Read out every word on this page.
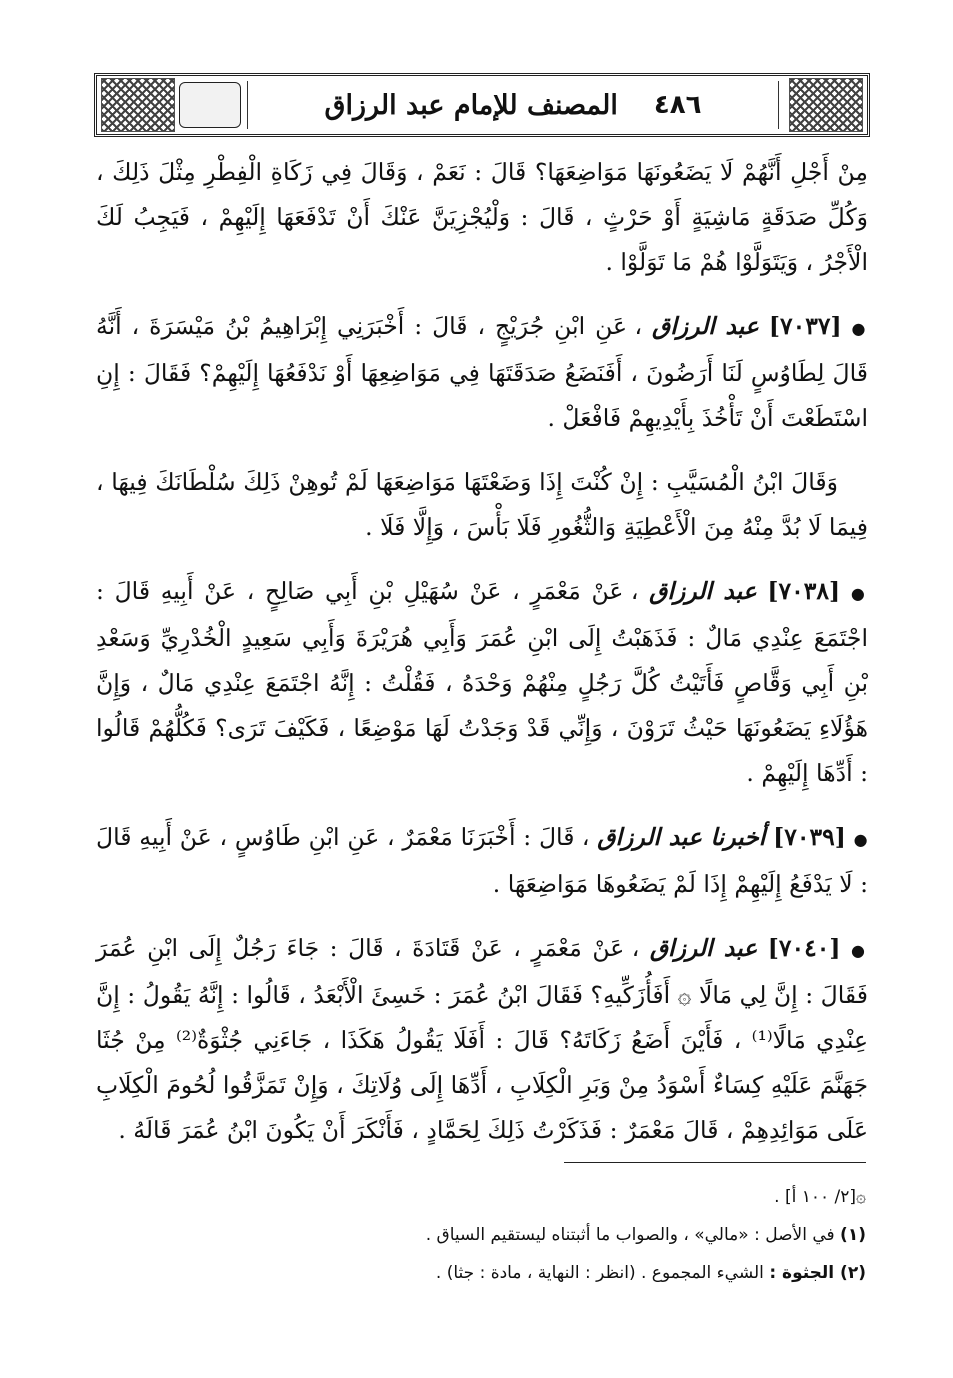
المصنف للإمام عبد الرزاق ٤٨٦

مِنْ أَجْلِ أَنَّهُمْ لَا يَضَعُونَهَا مَوَاضِعَهَا؟ قَالَ : نَعَمْ ، وَقَالَ فِي زَكَاةِ الْفِطْرِ مِثْلَ ذَلِكَ ، وَكُلِّ صَدَقَةٍ مَاشِيَةٍ أَوْ حَرْثٍ ، قَالَ : وَلْيُجْزِيَنَّ عَنْكَ أَنْ تَدْفَعَهَا إِلَيْهِمْ ، فَيَجِبُ لَكَ الْأَجْرُ ، وَيَتَوَلَّوْا هُمْ مَا تَوَلَّوْا .

● [٧٠٣٧] عبد الرزاق ، عَنِ ابْنِ جُرَيْجٍ ، قَالَ : أَخْبَرَنِي إِبْرَاهِيمُ بْنُ مَيْسَرَةَ ، أَنَّهُ قَالَ لِطَاوُسٍ لَنَا أَرَضُونَ ، أَفَنَضَعُ صَدَقَتَهَا فِي مَوَاضِعِهَا أَوْ نَدْفَعُهَا إِلَيْهِمْ؟ فَقَالَ : إِنِ اسْتَطَعْتَ أَنْ تَأْخُذَ بِأَيْدِيهِمْ فَافْعَلْ .

وَقَالَ ابْنُ الْمُسَيَّبِ : إِنْ كُنْتَ إِذَا وَضَعْتَهَا مَوَاضِعَهَا لَمْ تُوهِنْ ذَلِكَ سُلْطَانَكَ فِيهَا ، فِيمَا لَا بُدَّ مِنْهُ مِنَ الْأَعْطِيَةِ وَالثُّغُورِ فَلَا بَأْسَ ، وَإِلَّا فَلَا .

● [٧٠٣٨] عبد الرزاق ، عَنْ مَعْمَرٍ ، عَنْ سُهَيْلِ بْنِ أَبِي صَالِحٍ ، عَنْ أَبِيهِ قَالَ : اجْتَمَعَ عِنْدِي مَالٌ : فَذَهَبْتُ إِلَى ابْنِ عُمَرَ وَأَبِي هُرَيْرَةَ وَأَبِي سَعِيدٍ الْخُدْرِيِّ وَسَعْدِ بْنِ أَبِي وَقَّاصٍ فَأَتَيْتُ كُلَّ رَجُلٍ مِنْهُمْ وَحْدَهُ ، فَقُلْتُ : إِنَّهُ اجْتَمَعَ عِنْدِي مَالٌ ، وَإِنَّ هَؤُلَاءِ يَضَعُونَهَا حَيْثُ تَرَوْنَ ، وَإِنِّي قَدْ وَجَدْتُ لَهَا مَوْضِعًا ، فَكَيْفَ تَرَى؟ فَكُلُّهُمْ قَالُوا : أَدِّهَا إِلَيْهِمْ .

● [٧٠٣٩] أخبرنا عبد الرزاق ، قَالَ : أَخْبَرَنَا مَعْمَرٌ ، عَنِ ابْنِ طَاوُسٍ ، عَنْ أَبِيهِ قَالَ : لَا يَدْفَعُ إِلَيْهِمْ إِذَا لَمْ يَضَعُوهَا مَوَاضِعَهَا .

● [٧٠٤٠] عبد الرزاق ، عَنْ مَعْمَرٍ ، عَنْ قَتَادَةَ ، قَالَ : جَاءَ رَجُلٌ إِلَى ابْنِ عُمَرَ فَقَالَ : إِنَّ لِي مَالًا ۞ أَفَأُزَكِّيهِ؟ فَقَالَ ابْنُ عُمَرَ : خَسِئَ الْأَبْعَدُ ، قَالُوا : إِنَّهُ يَقُولُ : إِنَّ عِنْدِي مَالًا⁽¹⁾ ، فَأَيْنَ أَضَعُ زَكَاتَهُ؟ قَالَ : أَفَلَا يَقُولُ هَكَذَا ، جَاءَنِي جُثْوَةٌ⁽²⁾ مِنْ جُثَا جَهَنَّمَ عَلَيْهِ كِسَاءٌ أَسْوَدُ مِنْ وَبَرِ الْكِلَابِ ، أَدِّهَا إِلَى وُلَاتِكَ ، وَإِنْ تَمَزَّقُوا لُحُومَ الْكِلَابِ عَلَى مَوَائِدِهِمْ ، قَالَ مَعْمَرٌ : فَذَكَرْتُ ذَلِكَ لِحَمَّادٍ ، فَأَنْكَرَ أَنْ يَكُونَ ابْنُ عُمَرَ قَالَهُ .

۞[٢/ ١٠٠ أ] .

(١) في الأصل : «مالي» ، والصواب ما أثبتناه ليستقيم السياق .

(٢) الجثوة : الشيء المجموع . (انظر : النهاية ، مادة : جثا) .
